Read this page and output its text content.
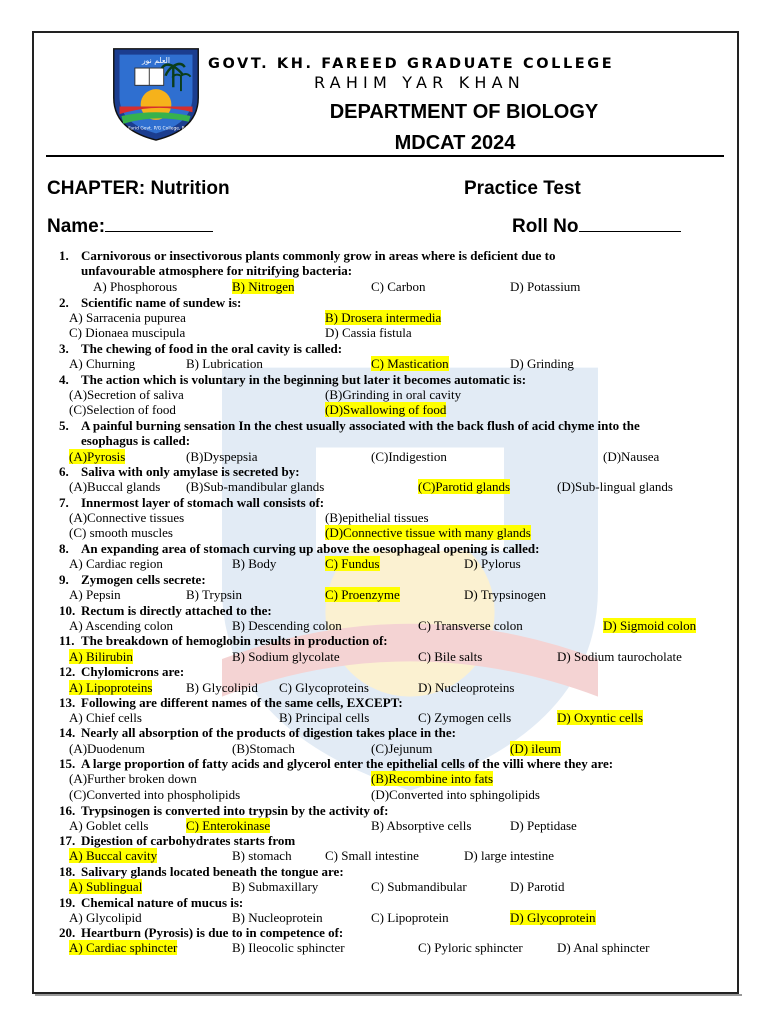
العلم نور
Kh. Farid Govt. P/G College, R.Y.K
GOVT. KH. FAREED GRADUATE COLLEGE
RAHIM YAR KHAN
DEPARTMENT OF BIOLOGY
MDCAT 2024
CHAPTER: Nutrition	Practice Test
Name:	Roll No
1. Carnivorous or insectivorous plants commonly grow in areas where is deficient due to
unfavourable atmosphere for nitrifying bacteria:
A) Phosphorous	B) Nitrogen	C) Carbon	D) Potassium
2. Scientific name of sundew is:
A) Sarracenia pupurea	B) Drosera intermedia
C) Dionaea muscipula	D) Cassia fistula
3. The chewing of food in the oral cavity is called:
A) Churning	B) Lubrication	C) Mastication	D) Grinding
4. The action which is voluntary in the beginning but later it becomes automatic is:
(A)Secretion of saliva	(B)Grinding in oral cavity
(C)Selection of food	(D)Swallowing of food
5. A painful burning sensation In the chest usually associated with the back flush of acid chyme into the
esophagus is called:
(A)Pyrosis	(B)Dyspepsia	(C)Indigestion	(D)Nausea
6. Saliva with only amylase is secreted by:
(A)Buccal glands (B)Sub-mandibular glands	(C)Parotid glands	(D)Sub-lingual glands
7. Innermost layer of stomach wall consists of:
(A)Connective tissues	(B)epithelial tissues
(C) smooth muscles	(D)Connective tissue with many glands
8. An expanding area of stomach curving up above the oesophageal opening is called:
A) Cardiac region	B) Body	C) Fundus	D) Pylorus
9. Zymogen cells secrete:
A) Pepsin	B) Trypsin	C) Proenzyme	D) Trypsinogen
10. Rectum is directly attached to the:
A) Ascending colon	B) Descending colon	C) Transverse colon	D) Sigmoid colon
11. The breakdown of hemoglobin results in production of:
A) Bilirubin	B) Sodium glycolate	C) Bile salts	D) Sodium taurocholate
12. Chylomicrons are:
A) Lipoproteins	B) Glycolipid C) Glycoproteins	D) Nucleoproteins
13. Following are different names of the same cells, EXCEPT:
A) Chief cells	B) Principal cells	C) Zymogen cells	D) Oxyntic cells
14. Nearly all absorption of the products of digestion takes place in the:
(A)Duodenum	(B)Stomach	(C)Jejunum	(D) ileum
15. A large proportion of fatty acids and glycerol enter the epithelial cells of the villi where they are:
(A)Further broken down	(B)Recombine into fats
(C)Converted into phospholipids	(D)Converted into sphingolipids
16. Trypsinogen is converted into trypsin by the activity of:
A) Goblet cells	C) Enterokinase	B) Absorptive cells	D) Peptidase
17. Digestion of carbohydrates starts from
A) Buccal cavity	B) stomach	C) Small intestine	D) large intestine
18. Salivary glands located beneath the tongue are:
A) Sublingual	B) Submaxillary	C) Submandibular	D) Parotid
19. Chemical nature of mucus is:
A) Glycolipid	B) Nucleoprotein	C) Lipoprotein	D) Glycoprotein
20. Heartburn (Pyrosis) is due to in competence of:
A) Cardiac sphincter	B) Ileocolic sphincter	C) Pyloric sphincter	D) Anal sphincter
